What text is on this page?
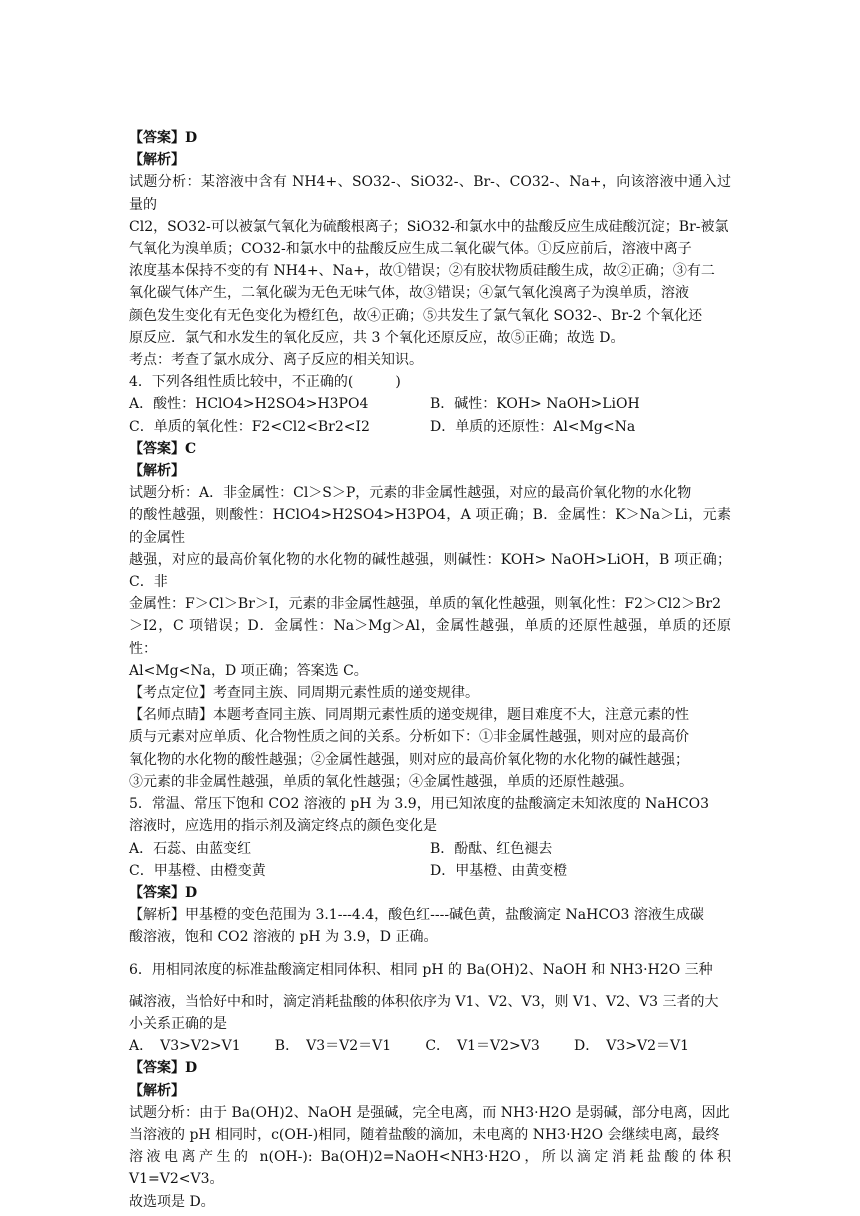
【答案】D

【解析】

试题分析：某溶液中含有 NH4+、SO32-、SiO32-、Br-、CO32-、Na+，向该溶液中通入过量的

Cl2，SO32-可以被氯气氧化为硫酸根离子；SiO32-和氯水中的盐酸反应生成硅酸沉淀；Br-被氯

气氧化为溴单质；CO32-和氯水中的盐酸反应生成二氧化碳气体。①反应前后，溶液中离子

浓度基本保持不变的有 NH4+、Na+，故①错误；②有胶状物质硅酸生成，故②正确；③有二

氧化碳气体产生，二氧化碳为无色无味气体，故③错误；④氯气氧化溴离子为溴单质，溶液

颜色发生变化有无色变化为橙红色，故④正确；⑤共发生了氯气氧化 SO32-、Br-2 个氧化还

原反应．氯气和水发生的氧化反应，共 3 个氧化还原反应，故⑤正确；故选 D。

考点：考查了氯水成分、离子反应的相关知识。

4．下列各组性质比较中，不正确的(　　　)

A．酸性：HClO4>H2SO4>H3PO4	B．碱性：KOH> NaOH>LiOH

C．单质的氧化性：F2<Cl2<Br2<I2	D．单质的还原性：Al<Mg<Na

【答案】C

【解析】

试题分析：A．非金属性：Cl＞S＞P，元素的非金属性越强，对应的最高价氧化物的水化物

的酸性越强，则酸性：HClO4>H2SO4>H3PO4，A 项正确；B．金属性：K＞Na＞Li，元素的金属性

越强，对应的最高价氧化物的水化物的碱性越强，则碱性：KOH> NaOH>LiOH，B 项正确；C．非

金属性：F＞Cl＞Br＞I，元素的非金属性越强，单质的氧化性越强，则氧化性：F2＞Cl2＞Br2

＞I2，C 项错误；D．金属性：Na＞Mg＞Al，金属性越强，单质的还原性越强，单质的还原性：

Al<Mg<Na，D 项正确；答案选 C。

【考点定位】考查同主族、同周期元素性质的递变规律。

【名师点睛】本题考查同主族、同周期元素性质的递变规律，题目难度不大，注意元素的性

质与元素对应单质、化合物性质之间的关系。分析如下：①非金属性越强，则对应的最高价

氧化物的水化物的酸性越强；②金属性越强，则对应的最高价氧化物的水化物的碱性越强；

③元素的非金属性越强，单质的氧化性越强；④金属性越强，单质的还原性越强。

5．常温、常压下饱和 CO2 溶液的 pH 为 3.9，用已知浓度的盐酸滴定未知浓度的 NaHCO3

溶液时，应选用的指示剂及滴定终点的颜色变化是

A．石蕊、由蓝变红	B．酚酞、红色褪去

C．甲基橙、由橙变黄	D．甲基橙、由黄变橙

【答案】D

【解析】甲基橙的变色范围为 3.1---4.4，酸色红----碱色黄，盐酸滴定 NaHCO3 溶液生成碳

酸溶液，饱和 CO2 溶液的 pH 为 3.9，D 正确。

6．用相同浓度的标准盐酸滴定相同体积、相同 pH 的 Ba(OH)2、NaOH 和 NH3·H2O 三种

碱溶液，当恰好中和时，滴定消耗盐酸的体积依序为 V1、V2、V3，则 V1、V2、V3 三者的大

小关系正确的是

A．　V3>V2>V1 B．　V3＝V2＝V1 C．　V1＝V2>V3 D．　V3>V2＝V1

【答案】D

【解析】

试题分析：由于 Ba(OH)2、NaOH 是强碱，完全电离，而 NH3·H2O 是弱碱，部分电离，因此

当溶液的 pH 相同时，c(OH-)相同，随着盐酸的滴加，未电离的 NH3·H2O 会继续电离，最终

溶液电离产生的 n(OH-): Ba(OH)2=NaOH<NH3·H2O，所以滴定消耗盐酸的体积 V1=V2<V3。

故选项是 D。
